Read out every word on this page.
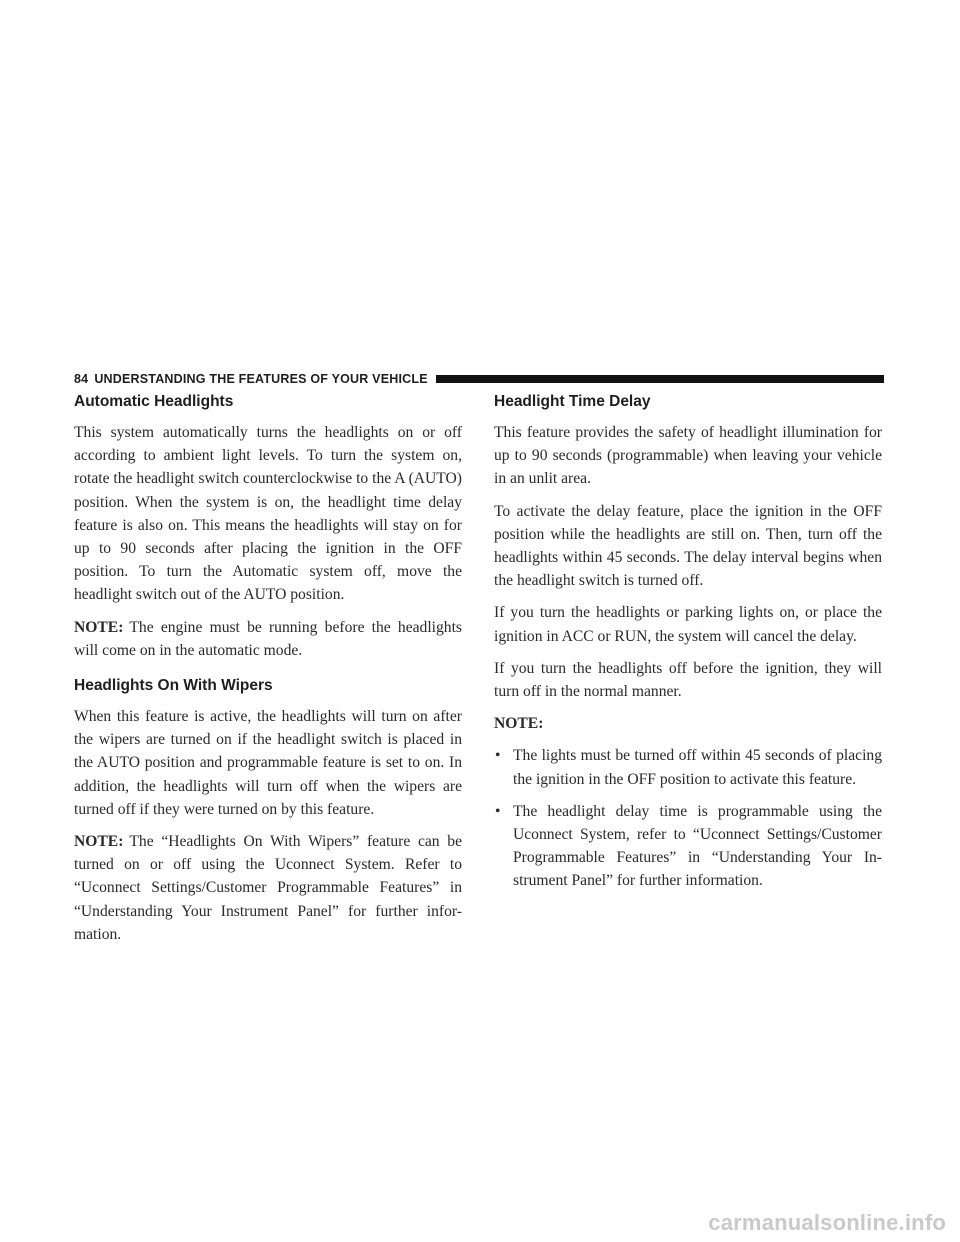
84 UNDERSTANDING THE FEATURES OF YOUR VEHICLE
Automatic Headlights

This system automatically turns the headlights on or off according to ambient light levels. To turn the system on, rotate the headlight switch counterclockwise to the A (AUTO) position. When the system is on, the headlight time delay feature is also on. This means the headlights will stay on for up to 90 seconds after placing the ignition in the OFF position. To turn the Automatic system off, move the headlight switch out of the AUTO position.

NOTE: The engine must be running before the headlights will come on in the automatic mode.

Headlights On With Wipers

When this feature is active, the headlights will turn on after the wipers are turned on if the headlight switch is placed in the AUTO position and programmable feature is set to on. In addition, the headlights will turn off when the wipers are turned off if they were turned on by this feature.

NOTE: The “Headlights On With Wipers” feature can be turned on or off using the Uconnect System. Refer to “Uconnect Settings/Customer Programmable Features” in “Understanding Your Instrument Panel” for further infor-mation.

Headlight Time Delay

This feature provides the safety of headlight illumination for up to 90 seconds (programmable) when leaving your vehicle in an unlit area.

To activate the delay feature, place the ignition in the OFF position while the headlights are still on. Then, turn off the headlights within 45 seconds. The delay interval begins when the headlight switch is turned off.

If you turn the headlights or parking lights on, or place the ignition in ACC or RUN, the system will cancel the delay.

If you turn the headlights off before the ignition, they will turn off in the normal manner.

NOTE:

• The lights must be turned off within 45 seconds of placing the ignition in the OFF position to activate this feature.
• The headlight delay time is programmable using the Uconnect System, refer to “Uconnect Settings/Customer Programmable Features” in “Understanding Your In-strument Panel” for further information.
carmanualsonline.info
